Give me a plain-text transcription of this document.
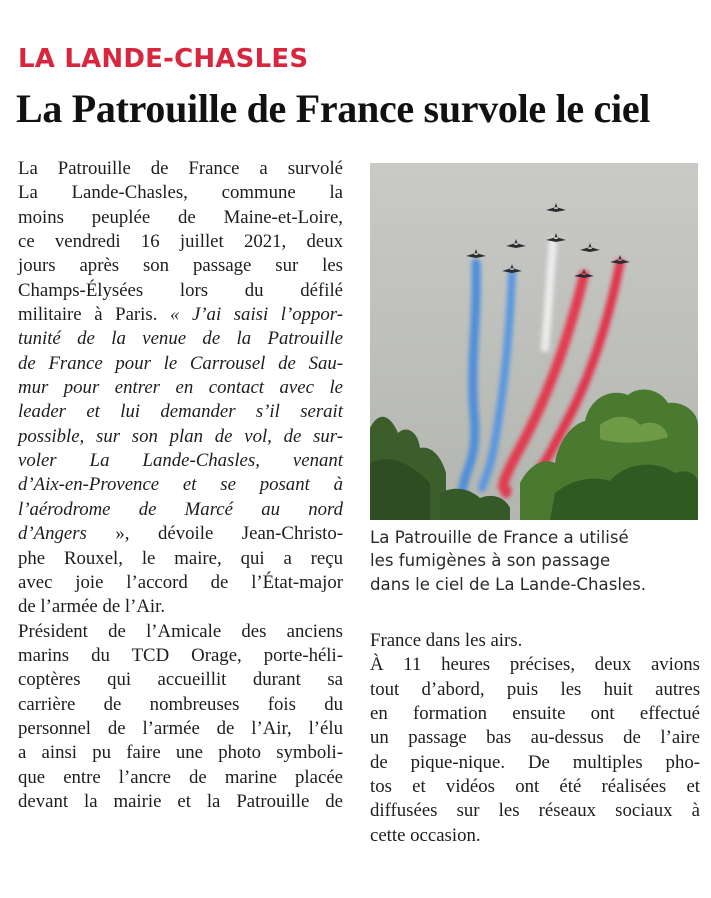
LA LANDE-CHASLES
La Patrouille de France survole le ciel
La Patrouille de France a survolé
La Lande-Chasles, commune la
moins peuplée de Maine-et-Loire,
ce vendredi 16 juillet 2021, deux
jours après son passage sur les
Champs-Élysées lors du défilé
militaire à Paris. « J’ai saisi l’oppor-
tunité de la venue de la Patrouille
de France pour le Carrousel de Sau-
mur pour entrer en contact avec le
leader et lui demander s’il serait
possible, sur son plan de vol, de sur-
voler La Lande-Chasles, venant
d’Aix-en-Provence et se posant à
l’aérodrome de Marcé au nord
d’Angers », dévoile Jean-Christo-
phe Rouxel, le maire, qui a reçu
avec joie l’accord de l’État-major
de l’armée de l’Air.
Président de l’Amicale des anciens
marins du TCD Orage, porte-héli-
coptères qui accueillit durant sa
carrière de nombreuses fois du
personnel de l’armée de l’Air, l’élu
a ainsi pu faire une photo symboli-
que entre l’ancre de marine placée
devant la mairie et la Patrouille de
La Patrouille de France a utilisé
les fumigènes à son passage
dans le ciel de La Lande-Chasles.
France dans les airs.
À 11 heures précises, deux avions
tout d’abord, puis les huit autres
en formation ensuite ont effectué
un passage bas au-dessus de l’aire
de pique-nique. De multiples pho-
tos et vidéos ont été réalisées et
diffusées sur les réseaux sociaux à
cette occasion.
